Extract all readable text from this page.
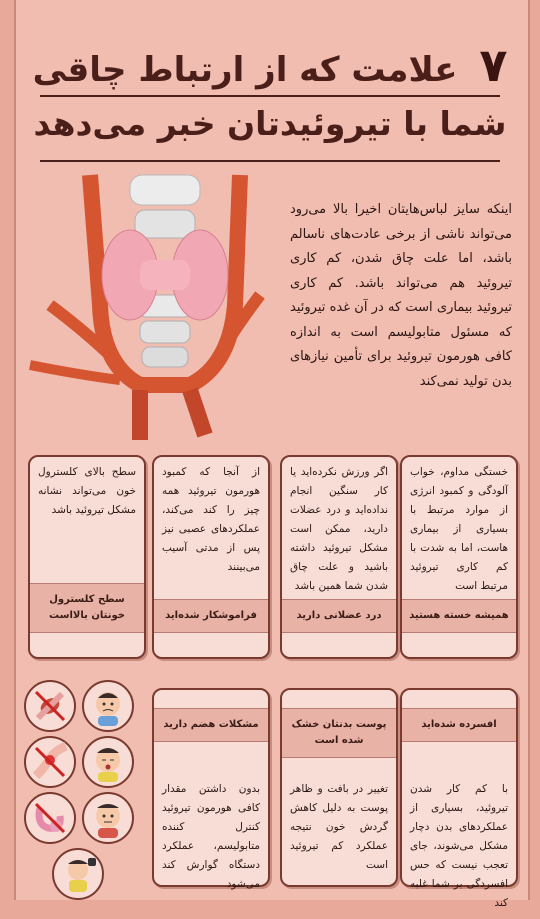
۷ علامت که از ارتباط چاقی
شما با تیروئیدتان خبر می‌دهد
اینکه سایز لباس‌هایتان اخیرا بالا می‌رود می‌تواند ناشی از برخی عادت‌های ناسالم باشد، اما علت چاق شدن، کم کاری تیروئید هم می‌تواند باشد. کم کاری تیروئید بیماری است که در آن غده تیروئید که مسئول متابولیسم است به اندازه کافی هورمون تیروئید برای تأمین نیازهای بدن تولید نمی‌کند
خستگی مداوم، خواب آلودگی و کمبود انرژی از موارد مرتبط با بسیاری از بیماری هاست، اما به شدت با کم کاری تیروئید مرتبط است
همیشه خسته هستید
اگر ورزش نکرده‌اید یا کار سنگین انجام نداده‌اید و درد عضلات دارید، ممکن است مشکل تیروئید داشته باشید و علت چاق شدن شما همین باشد
درد عضلانی دارید
از آنجا که کمبود هورمون تیروئید همه چیز را کند می‌کند، عملکردهای عصبی نیز پس از مدتی آسیب می‌بینند
فراموشکار شده‌اید
سطح بالای کلسترول خون می‌تواند نشانه مشکل تیروئید باشد
سطح کلسترول خونتان بالااست
افسرده شده‌اید
با کم کار شدن تیروئید، بسیاری از عملکردهای بدن دچار مشکل می‌شوند، جای تعجب نیست که حس افسردگی بر شما غلبه کند
پوست بدنتان خشک شده است
تغییر در بافت و ظاهر پوست به دلیل کاهش گردش خون نتیجه عملکرد کم تیروئید است
مشکلات هضم دارید
بدون داشتن مقدار کافی هورمون تیروئید کنترل کننده متابولیسم، عملکرد دستگاه گوارش کند می‌شود
